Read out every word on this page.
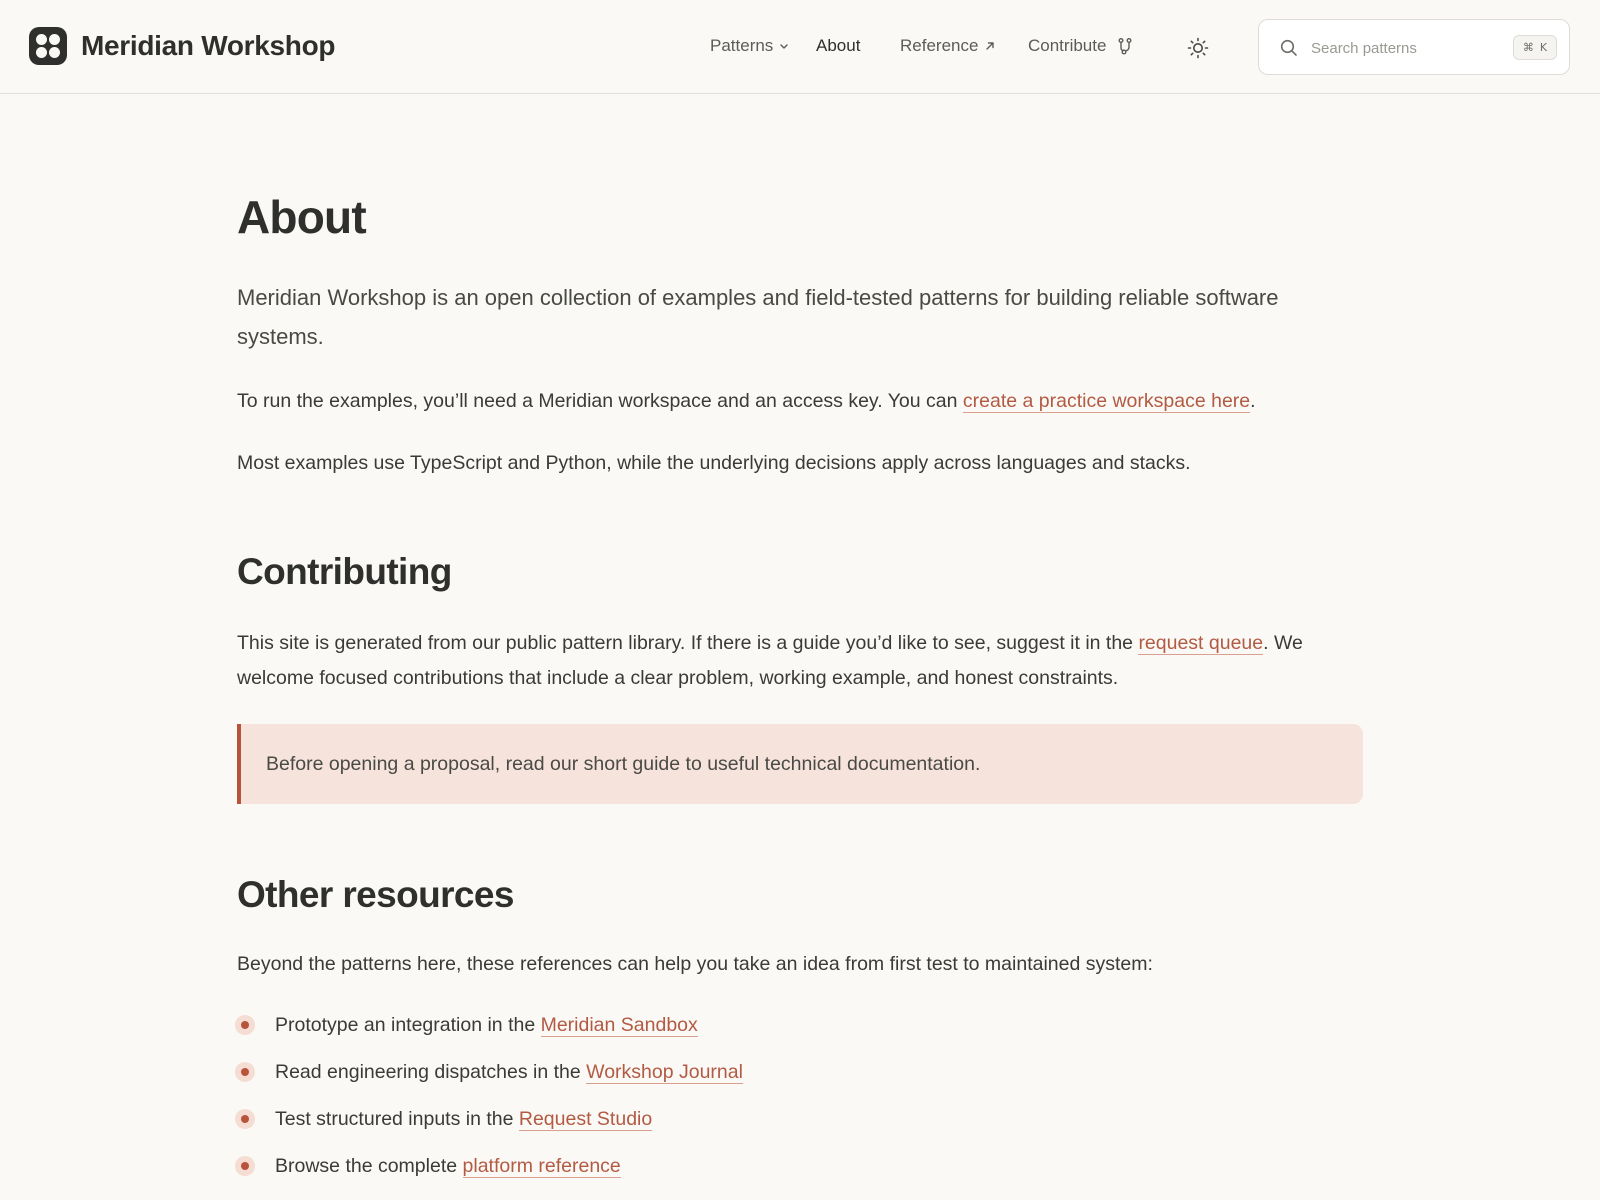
Meridian Workshop	Patterns	About Reference	Contribute
Search patterns	⌘ K
About

Meridian Workshop is an open collection of examples and field-tested patterns for building reliable software systems.

To run the examples, you’ll need a Meridian workspace and an access key. You can create a practice workspace here.

Most examples use TypeScript and Python, while the underlying decisions apply across languages and stacks.

Contributing

This site is generated from our public pattern library. If there is a guide you’d like to see, suggest it in the request queue. We welcome focused contributions that include a clear problem, working example, and honest constraints.

Before opening a proposal, read our short guide to useful technical documentation.
Other resources

Beyond the patterns here, these references can help you take an idea from first test to maintained system:

Prototype an integration in the Meridian Sandbox
Read engineering dispatches in the Workshop Journal
Test structured inputs in the Request Studio
Browse the complete platform reference
